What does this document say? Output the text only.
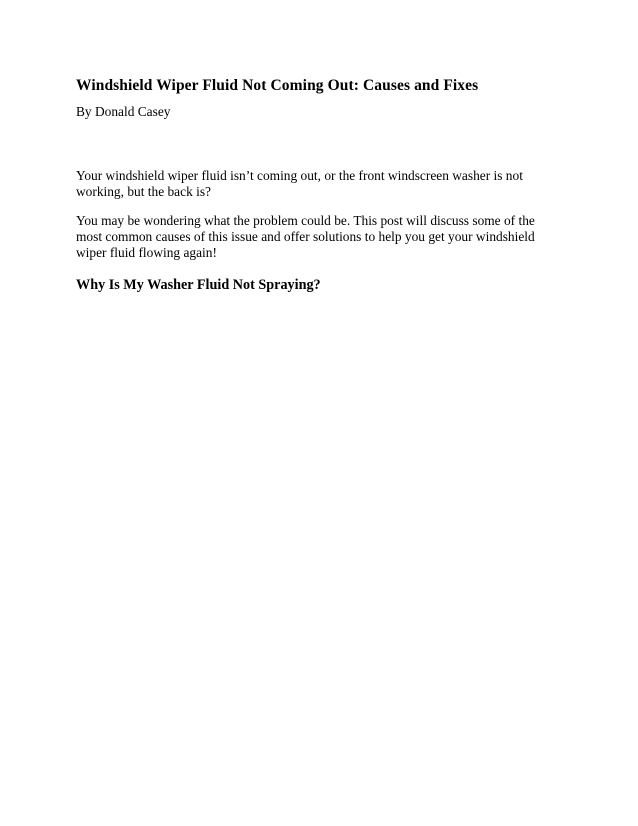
Windshield Wiper Fluid Not Coming Out: Causes and Fixes

By Donald Casey

Your windshield wiper fluid isn’t coming out, or the front windscreen washer is not working, but the back is?

You may be wondering what the problem could be. This post will discuss some of the most common causes of this issue and offer solutions to help you get your windshield wiper fluid flowing again!

Why Is My Washer Fluid Not Spraying?
